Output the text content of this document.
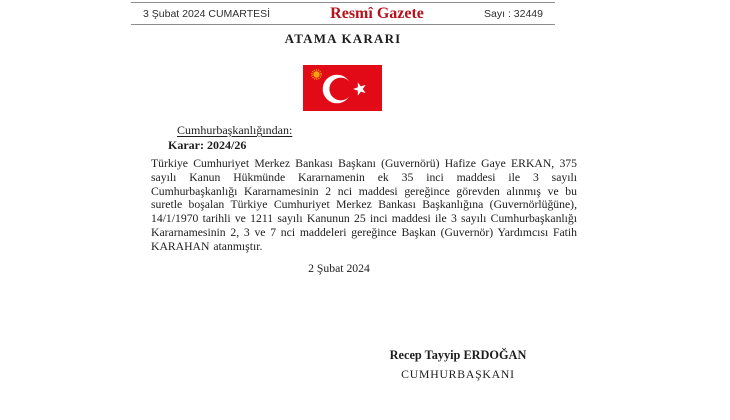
3 Şubat 2024 CUMARTESİ	Resmî Gazete	Sayı : 32449
ATAMA KARARI
Cumhurbaşkanlığından:
Karar: 2024/26

Türkiye Cumhuriyet Merkez Bankası Başkanı (Guvernörü) Hafize Gaye ERKAN, 375 sayılı Kanun Hükmünde Kararnamenin ek 35 inci maddesi ile 3 sayılı Cumhurbaşkanlığı Kararnamesinin 2 nci maddesi gereğince görevden alınmış ve bu suretle boşalan Türkiye Cumhuriyet Merkez Bankası Başkanlığına (Guvernörlüğüne), 14/1/1970 tarihli ve 1211 sayılı Kanunun 25 inci maddesi ile 3 sayılı Cumhurbaşkanlığı Kararnamesinin 2, 3 ve 7 nci maddeleri gereğince Başkan (Guvernör) Yardımcısı Fatih KARAHAN atanmıştır.

2 Şubat 2024
Recep Tayyip ERDOĞAN
CUMHURBAŞKANI
